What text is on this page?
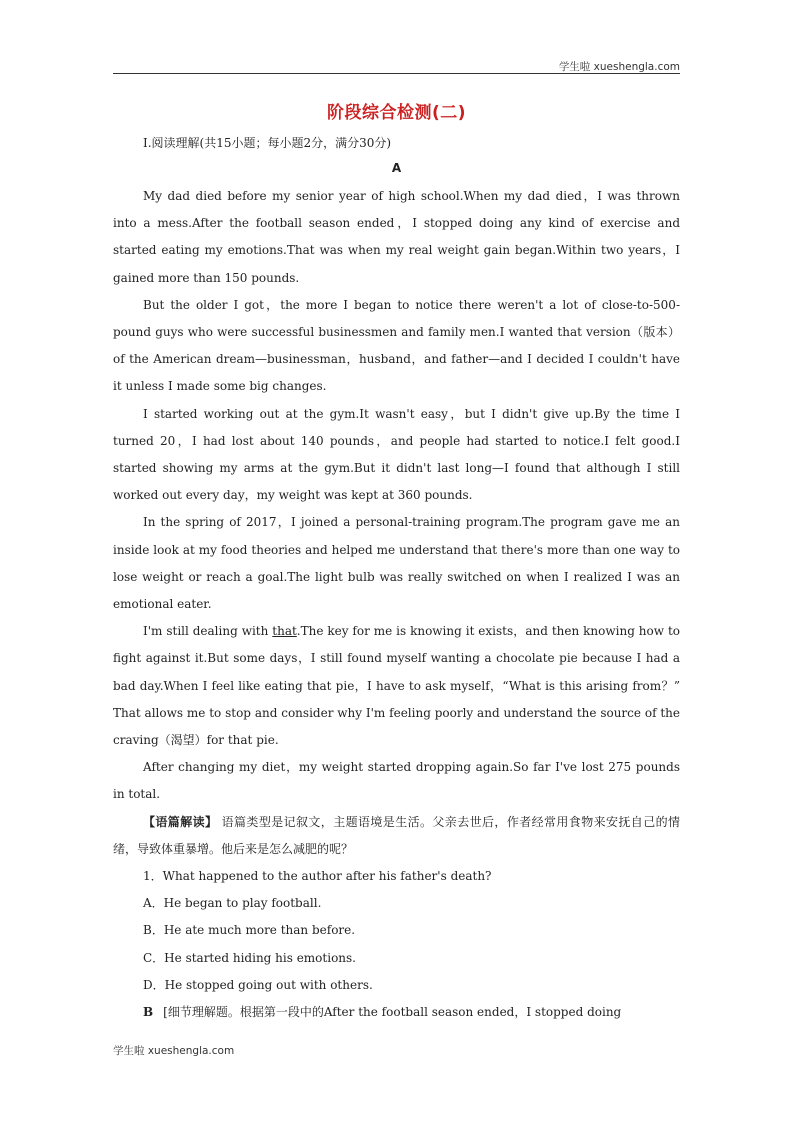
学生啦 xueshengla.com
阶段综合检测(二)
Ⅰ.阅读理解(共15小题；每小题2分，满分30分)
A

My dad died before my senior year of high school.When my dad died，I was thrown into a mess.After the football season ended，I stopped doing any kind of exercise and started eating my emotions.That was when my real weight gain began.Within two years，I gained more than 150 pounds.

But the older I got，the more I began to notice there weren't a lot of close-to-500-pound guys who were successful businessmen and family men.I wanted that version（版本）of the American dream—businessman，husband，and father—and I decided I couldn't have it unless I made some big changes.

I started working out at the gym.It wasn't easy，but I didn't give up.By the time I turned 20，I had lost about 140 pounds，and people had started to notice.I felt good.I started showing my arms at the gym.But it didn't last long—I found that although I still worked out every day，my weight was kept at 360 pounds.

In the spring of 2017，I joined a personal-training program.The program gave me an inside look at my food theories and helped me understand that there's more than one way to lose weight or reach a goal.The light bulb was really switched on when I realized I was an emotional eater.

I'm still dealing with that.The key for me is knowing it exists，and then knowing how to fight against it.But some days，I still found myself wanting a chocolate pie because I had a bad day.When I feel like eating that pie，I have to ask myself，“What is this arising from？” That allows me to stop and consider why I'm feeling poorly and understand the source of the craving（渴望）for that pie.

After changing my diet，my weight started dropping again.So far I've lost 275 pounds in total.

【语篇解读】 语篇类型是记叙文，主题语境是生活。父亲去世后，作者经常用食物来安抚自己的情绪，导致体重暴增。他后来是怎么减肥的呢？

1．What happened to the author after his father's death?

A．He began to play football.

B．He ate much more than before.

C．He started hiding his emotions.

D．He stopped going out with others.

B [细节理解题。根据第一段中的After the football season ended，I stopped doing

学生啦 xueshengla.com
